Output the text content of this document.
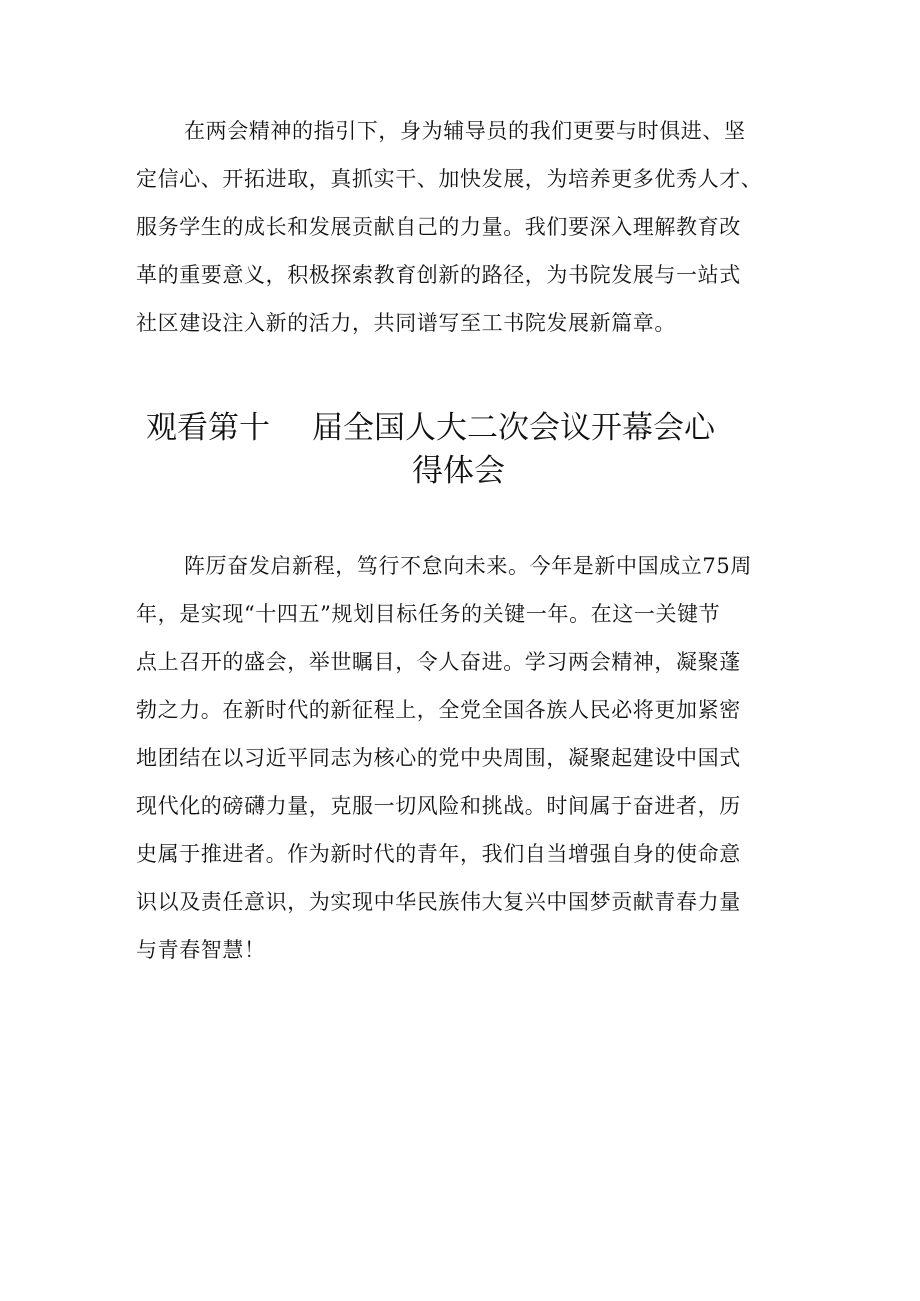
在两会精神的指引下，身为辅导员的我们更要与时俱进、坚
定信心、开拓进取，真抓实干、加快发展，为培养更多优秀人才、
服务学生的成长和发展贡献自己的力量。我们要深入理解教育改
革的重要意义，积极探索教育创新的路径，为书院发展与一站式
社区建设注入新的活力，共同谱写至工书院发展新篇章。
观看第十 届全国人大二次会议开幕会心
得体会
阵厉奋发启新程，笃行不怠向未来。今年是新中国成立75周
年，是实现“十四五”规划目标任务的关键一年。在这一关键节
点上召开的盛会，举世瞩目，令人奋进。学习两会精神，凝聚蓬
勃之力。在新时代的新征程上，全党全国各族人民必将更加紧密
地团结在以习近平同志为核心的党中央周围，凝聚起建设中国式
现代化的磅礴力量，克服一切风险和挑战。时间属于奋进者，历
史属于推进者。作为新时代的青年，我们自当增强自身的使命意
识以及责任意识，为实现中华民族伟大复兴中国梦贡献青春力量
与青春智慧！
